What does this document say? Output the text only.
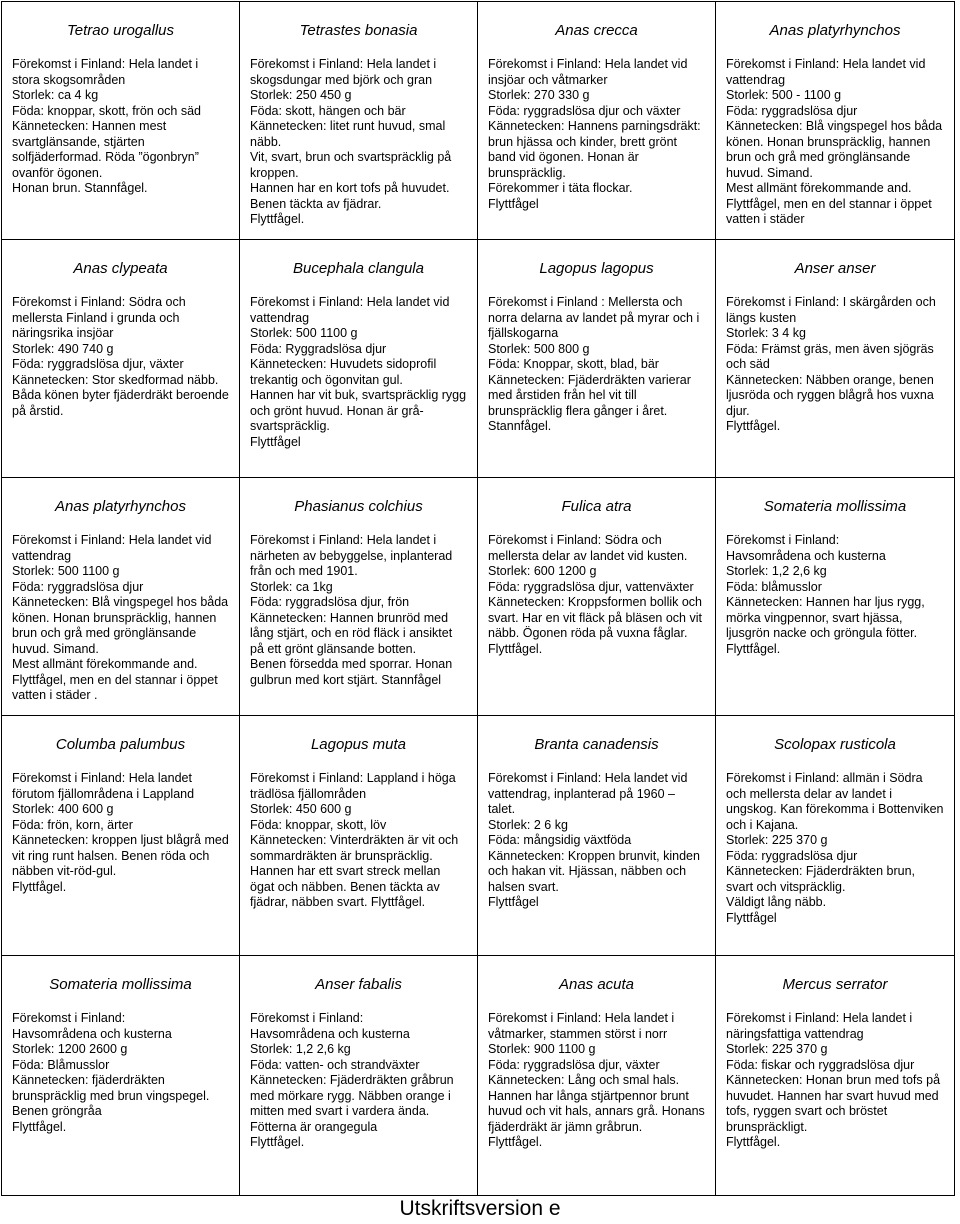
Tetrao urogallus
Förekomst i Finland: Hela landet i stora skogsområden
Storlek: ca 4 kg
Föda: knoppar, skott, frön och säd
Kännetecken: Hannen mest svartglänsande, stjärten solfjäderformad. Röda ”ögonbryn” ovanför ögonen.
Honan brun. Stannfågel.
Tetrastes bonasia
Förekomst i Finland: Hela landet i skogsdungar med björk och gran
Storlek: 250 450 g
Föda: skott, hängen och bär
Kännetecken: litet runt huvud, smal näbb.
Vit, svart, brun och svartspräcklig på kroppen.
Hannen har en kort tofs på huvudet. Benen täckta av fjädrar.
Flyttfågel.
Anas crecca
Förekomst i Finland: Hela landet vid insjöar och våtmarker
Storlek: 270 330 g
Föda: ryggradslösa djur och växter
Kännetecken: Hannens parningsdräkt: brun hjässa och kinder, brett grönt band vid ögonen. Honan är brunspräcklig.
Förekommer i täta flockar.
Flyttfågel
Anas platyrhynchos
Förekomst i Finland: Hela landet vid vattendrag
Storlek: 500 - 1100 g
Föda: ryggradslösa djur
Kännetecken: Blå vingspegel hos båda könen. Honan brunspräcklig, hannen brun och grå med grönglänsande huvud. Simand.
Mest allmänt förekommande and.
Flyttfågel, men en del stannar i öppet vatten i städer
Anas clypeata
Förekomst i Finland: Södra och mellersta Finland i grunda och näringsrika insjöar
Storlek: 490 740 g
Föda: ryggradslösa djur, växter
Kännetecken: Stor skedformad näbb. Båda könen byter fjäderdräkt beroende på årstid.
Bucephala clangula
Förekomst i Finland: Hela landet vid vattendrag
Storlek: 500 1100 g
Föda: Ryggradslösa djur
Kännetecken: Huvudets sidoprofil trekantig och ögonvitan gul.
Hannen har vit buk, svartspräcklig rygg och grönt huvud. Honan är grå-svartspräcklig.
Flyttfågel
Lagopus lagopus
Förekomst i Finland : Mellersta och norra delarna av landet på myrar och i fjällskogarna
Storlek: 500 800 g
Föda: Knoppar, skott, blad, bär
Kännetecken: Fjäderdräkten varierar med årstiden från hel vit till brunspräcklig flera gånger i året.
Stannfågel.
Anser anser
Förekomst i Finland: I skärgården och längs kusten
Storlek: 3 4 kg
Föda: Främst gräs, men även sjögräs och säd
Kännetecken: Näbben orange, benen ljusröda och ryggen blågrå hos vuxna djur.
Flyttfågel.
Anas platyrhynchos
Förekomst i Finland: Hela landet vid vattendrag
Storlek: 500 1100 g
Föda: ryggradslösa djur
Kännetecken: Blå vingspegel hos båda könen. Honan brunspräcklig, hannen brun och grå med grönglänsande huvud. Simand.
Mest allmänt förekommande and.
Flyttfågel, men en del stannar i öppet vatten i städer .
Phasianus colchius
Förekomst i Finland: Hela landet i närheten av bebyggelse, inplanterad från och med 1901.
Storlek: ca 1kg
Föda: ryggradslösa djur, frön
Kännetecken: Hannen brunröd med lång stjärt, och en röd fläck i ansiktet på ett grönt glänsande botten.
Benen försedda med sporrar. Honan gulbrun med kort stjärt. Stannfågel
Fulica atra
Förekomst i Finland: Södra och mellersta delar av landet vid kusten.
Storlek: 600 1200 g
Föda: ryggradslösa djur, vattenväxter
Kännetecken: Kroppsformen bollik och svart. Har en vit fläck på bläsen och vit näbb. Ögonen röda på vuxna fåglar.
Flyttfågel.
Somateria mollissima
Förekomst i Finland:
Havsområdena och kusterna
Storlek: 1,2 2,6 kg
Föda: blåmusslor
Kännetecken: Hannen har ljus rygg, mörka vingpennor, svart hjässa, ljusgrön nacke och gröngula fötter.
Flyttfågel.
Columba palumbus
Förekomst i Finland: Hela landet förutom fjällområdena i Lappland
Storlek: 400 600 g
Föda: frön, korn, ärter
Kännetecken: kroppen ljust blågrå med vit ring runt halsen. Benen röda och näbben vit-röd-gul.
Flyttfågel.
Lagopus muta
Förekomst i Finland: Lappland i höga trädlösa fjällområden
Storlek: 450 600 g
Föda: knoppar, skott, löv
Kännetecken: Vinterdräkten är vit och sommardräkten är brunspräcklig. Hannen har ett svart streck mellan ögat och näbben. Benen täckta av fjädrar, näbben svart. Flyttfågel.
Branta canadensis
Förekomst i Finland: Hela landet vid vattendrag, inplanterad på 1960 – talet.
Storlek: 2 6 kg
Föda: mångsidig växtföda
Kännetecken: Kroppen brunvit, kinden och hakan vit. Hjässan, näbben och halsen svart.
Flyttfågel
Scolopax rusticola
Förekomst i Finland: allmän i Södra och mellersta delar av landet i ungskog. Kan förekomma i Bottenviken och i Kajana.
Storlek: 225 370 g
Föda: ryggradslösa djur
Kännetecken: Fjäderdräkten brun, svart och vitspräcklig.
Väldigt lång näbb.
Flyttfågel
Somateria mollissima
Förekomst i Finland:
Havsområdena och kusterna
Storlek: 1200 2600 g
Föda: Blåmusslor
Kännetecken: fjäderdräkten brunspräcklig med brun vingspegel. Benen gröngråa
Flyttfågel.
Anser fabalis
Förekomst i Finland:
Havsområdena och kusterna
Storlek: 1,2 2,6 kg
Föda: vatten- och strandväxter
Kännetecken: Fjäderdräkten gråbrun med mörkare rygg. Näbben orange i mitten med svart i vardera ända. Fötterna är orangegula
Flyttfågel.
Anas acuta
Förekomst i Finland: Hela landet i våtmarker, stammen störst i norr
Storlek: 900 1100 g
Föda: ryggradslösa djur, växter
Kännetecken: Lång och smal hals. Hannen har långa stjärtpennor brunt huvud och vit hals, annars grå. Honans fjäderdräkt är jämn gråbrun.
Flyttfågel.
Mercus serrator
Förekomst i Finland: Hela landet i näringsfattiga vattendrag
Storlek: 225 370 g
Föda: fiskar och ryggradslösa djur
Kännetecken: Honan brun med tofs på huvudet. Hannen har svart huvud med tofs, ryggen svart och bröstet brunspräckligt.
Flyttfågel.
Utskriftsversion e
